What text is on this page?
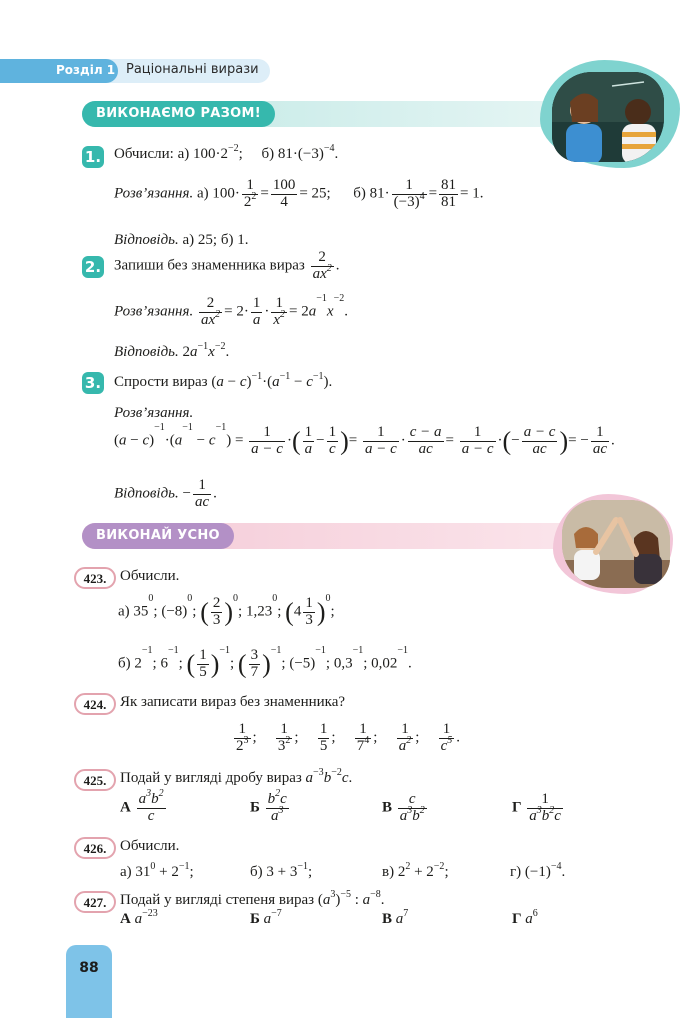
Розділ 1 Раціональні вирази
ВИКОНАЄМО РАЗОМ!
1. Обчисли: а) $100\cdot 2^{-2}$;     б) $81\cdot(-3)^{-4}$.
Розв’язання. а) $100\cdot \frac{1}{2^2} = \frac{100}{4} = 25$; б) $81\cdot \frac{1}{(-3)^4} = \frac{81}{81} = 1$.
Відповідь. а) 25; б) 1.
2. Запиши без знаменника вираз $\frac{2}{ax^2}$ .
Розв’язання. $\frac{2}{ax^2} = 2\cdot \frac{1}{a} \cdot \frac{1}{x^2} = 2a^{-1}x^{-2}$.
Відповідь. $2a^{-1}x^{-2}$.
3. Спрости вираз $(a - c)^{-1}\cdot(a^{-1} - c^{-1})$.
Розв’язання.
$(a - c)^{-1}\cdot(a^{-1} - c^{-1}) = \frac{1}{a - c}$ ·( $\frac{1}{a} - \frac{1}{c}$ )= $\frac{1}{a - c} \cdot \frac{c - a}{ac} = \frac{1}{a - c}$ ·(− $\frac{a - c}{ac}$ )= − $\frac{1}{ac}$ .
Відповідь. − $\frac{1}{ac}$ .
ВИКОНАЙ УСНО
423. Обчисли.
а) $35^0$; $(-8)^0$; ( $\frac{2}{3} )^0$; 1,23$^0$; $(4 \frac{1}{3} )^0$;
б) $2^{-1}$; $6^{-1}$; ( $\frac{1}{5} )^{-1}$; ( $\frac{3}{7} )^{-1}$; $(-5)^{-1}$; $0,3^{-1}$; $0,02^{-1}$.
424. Як записати вираз без знаменника?
$\frac{1}{2^3}$ ; $\frac{1}{3^2}$ ; $\frac{1}{5}$ ; $\frac{1}{7^4}$ ; $\frac{1}{a^2}$ ; $\frac{1}{c^5}$ .
425. Подай у вигляді дробу вираз $a^{-3}b^{-2}c$.
А $\frac{a^3b^2}{c}$	Б $\frac{b^2c}{a^3}$	В $\frac{c}{a^3b^2}$	Г $\frac{1}{a^3b^2c}$
426. Обчисли.
а) $31^0 + 2^{-1}$;	б) $3 + 3^{-1}$;	в) $2^2 + 2^{-2}$;	г) $(-1)^{-4}$.
427. Подай у вигляді степеня вираз $(a^3)^{-5}$ : $a^{-8}$.
А $a^{-23}$	Б $a^{-7}$	В $a^7$	Г $a^6$
88
